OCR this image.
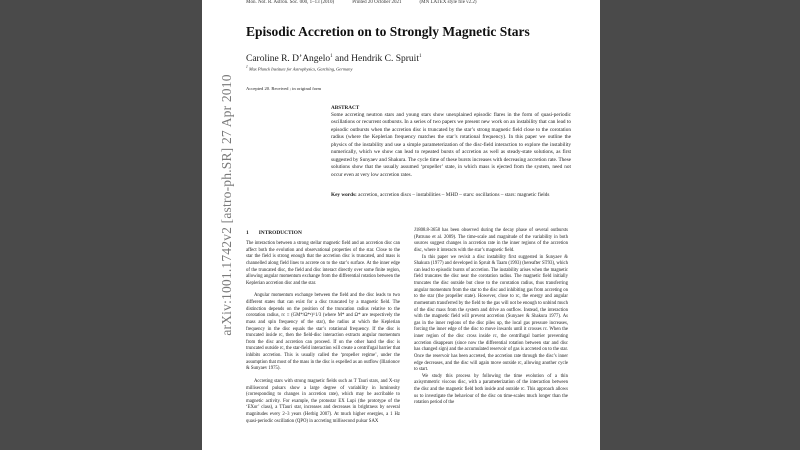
arXiv:1001.1742v2 [astro-ph.SR] 27 Apr 2010
Mon. Not. R. Astron. Soc. 000, 1–13 (2010)	Printed 20 October 2021	(MN LATEX style file v2.2)
Episodic Accretion on to Strongly Magnetic Stars
Caroline R. D’Angelo$^1$ and Hendrik C. Spruit$^1$
$^1$ Max Planck Institute for Astrophysics, Garching, Germany
Accepted 20. Received ; in original form
ABSTRACT

Some accreting neutron stars and young stars show unexplained episodic flares in the form of quasi-periodic oscillations or recurrent outbursts. In a series of two papers we present new work on an instability that can lead to episodic outbursts when the accretion disc is truncated by the star’s strong magnetic field close to the corotation radius (where the Keplerian frequency matches the star’s rotational frequency). In this paper we outline the physics of the instability and use a simple parameterization of the disc-field interaction to explore the instability numerically, which we show can lead to repeated bursts of accretion as well as steady-state solutions, as first suggested by Sunyaev and Shakura. The cycle time of these bursts increases with decreasing accretion rate. These solutions show that the usually assumed ‘propeller’ state, in which mass is ejected from the system, need not occur even at very low accretion rates.

Key words: accretion, accretion discs – instabilities – MHD – stars: oscillations – stars: magnetic fields
1 INTRODUCTION

The interaction between a strong stellar magnetic field and an accretion disc can affect both the evolution and observational properties of the star. Close to the star the field is strong enough that the accretion disc is truncated, and mass is channelled along field lines to accrete on to the star’s surface. At the inner edge of the truncated disc, the field and disc interact directly over some finite region, allowing angular momentum exchange from the differential rotation between the Keplerian accretion disc and the star.

Angular momentum exchange between the field and the disc leads to two different states that can exist for a disc truncated by a magnetic field. The distinction depends on the position of the truncation radius relative to the corotation radius, rc ≡ (GM*/Ω*²)^1/3 (where M* and Ω* are respectively the mass and spin frequency of the star), the radius at which the Keplerian frequency in the disc equals the star’s rotational frequency. If the disc is truncated inside rc, then the field-disc interaction extracts angular momentum from the disc and accretion can proceed. If on the other hand the disc is truncated outside rc, the star-field interaction will create a centrifugal barrier that inhibits accretion. This is usually called the ‘propeller regime’, under the assumption that most of the mass in the disc is expelled as an outflow (Illarionov & Sunyaev 1975).

Accreting stars with strong magnetic fields such as T Tauri stars, and X-ray millisecond pulsars show a large degree of variability in luminosity (corresponding to changes in accretion rate), which may be ascribable to magnetic activity. For example, the protostar EX Lupi (the prototype of the ‘EXor’ class), a TTauri star, increases and decreases in brightness by several magnitudes every 2–3 years (Herbig 2007). At much higher energies, a 1 Hz quasi-periodic oscillation (QPO) in accreting millisecond pulsar SAX

J1808.8-3658 has been observed during the decay phase of several outbursts (Patruno et al. 2009). The time-scale and magnitude of the variability in both sources suggest changes in accretion rate in the inner regions of the accretion disc, where it interacts with the star’s magnetic field.

In this paper we revisit a disc instability first suggested in Sunyaev & Shakura (1977) and developed in Spruit & Taam (1993) (hereafter ST93), which can lead to episodic bursts of accretion. The instability arises when the magnetic field truncates the disc near the corotation radius. The magnetic field initially truncates the disc outside but close to the corotation radius, thus transferring angular momentum from the star to the disc and inhibiting gas from accreting on to the star (the propeller state). However, close to rc, the energy and angular momentum transferred by the field to the gas will not be enough to unbind much of the disc mass from the system and drive an outflow. Instead, the interaction with the magnetic field will prevent accretion (Sunyaev & Shakura 1977). As gas in the inner regions of the disc piles up, the local gas pressure increases, forcing the inner edge of the disc to move inwards until it crosses rc. When the inner region of the disc cross inside rc, the centrifugal barrier preventing accretion disappears (since now the differential rotation between star and disc has changed sign) and the accumulated reservoir of gas is accreted on to the star. Once the reservoir has been accreted, the accretion rate through the disc’s inner edge decreases, and the disc will again move outside rc, allowing another cycle to start.

We study this process by following the time evolution of a thin axisymmetric viscous disc, with a parameterization of the interaction between the disc and the magnetic field both inside and outside rc. This approach allows us to investigate the behaviour of the disc on time-scales much longer than the rotation period of the
